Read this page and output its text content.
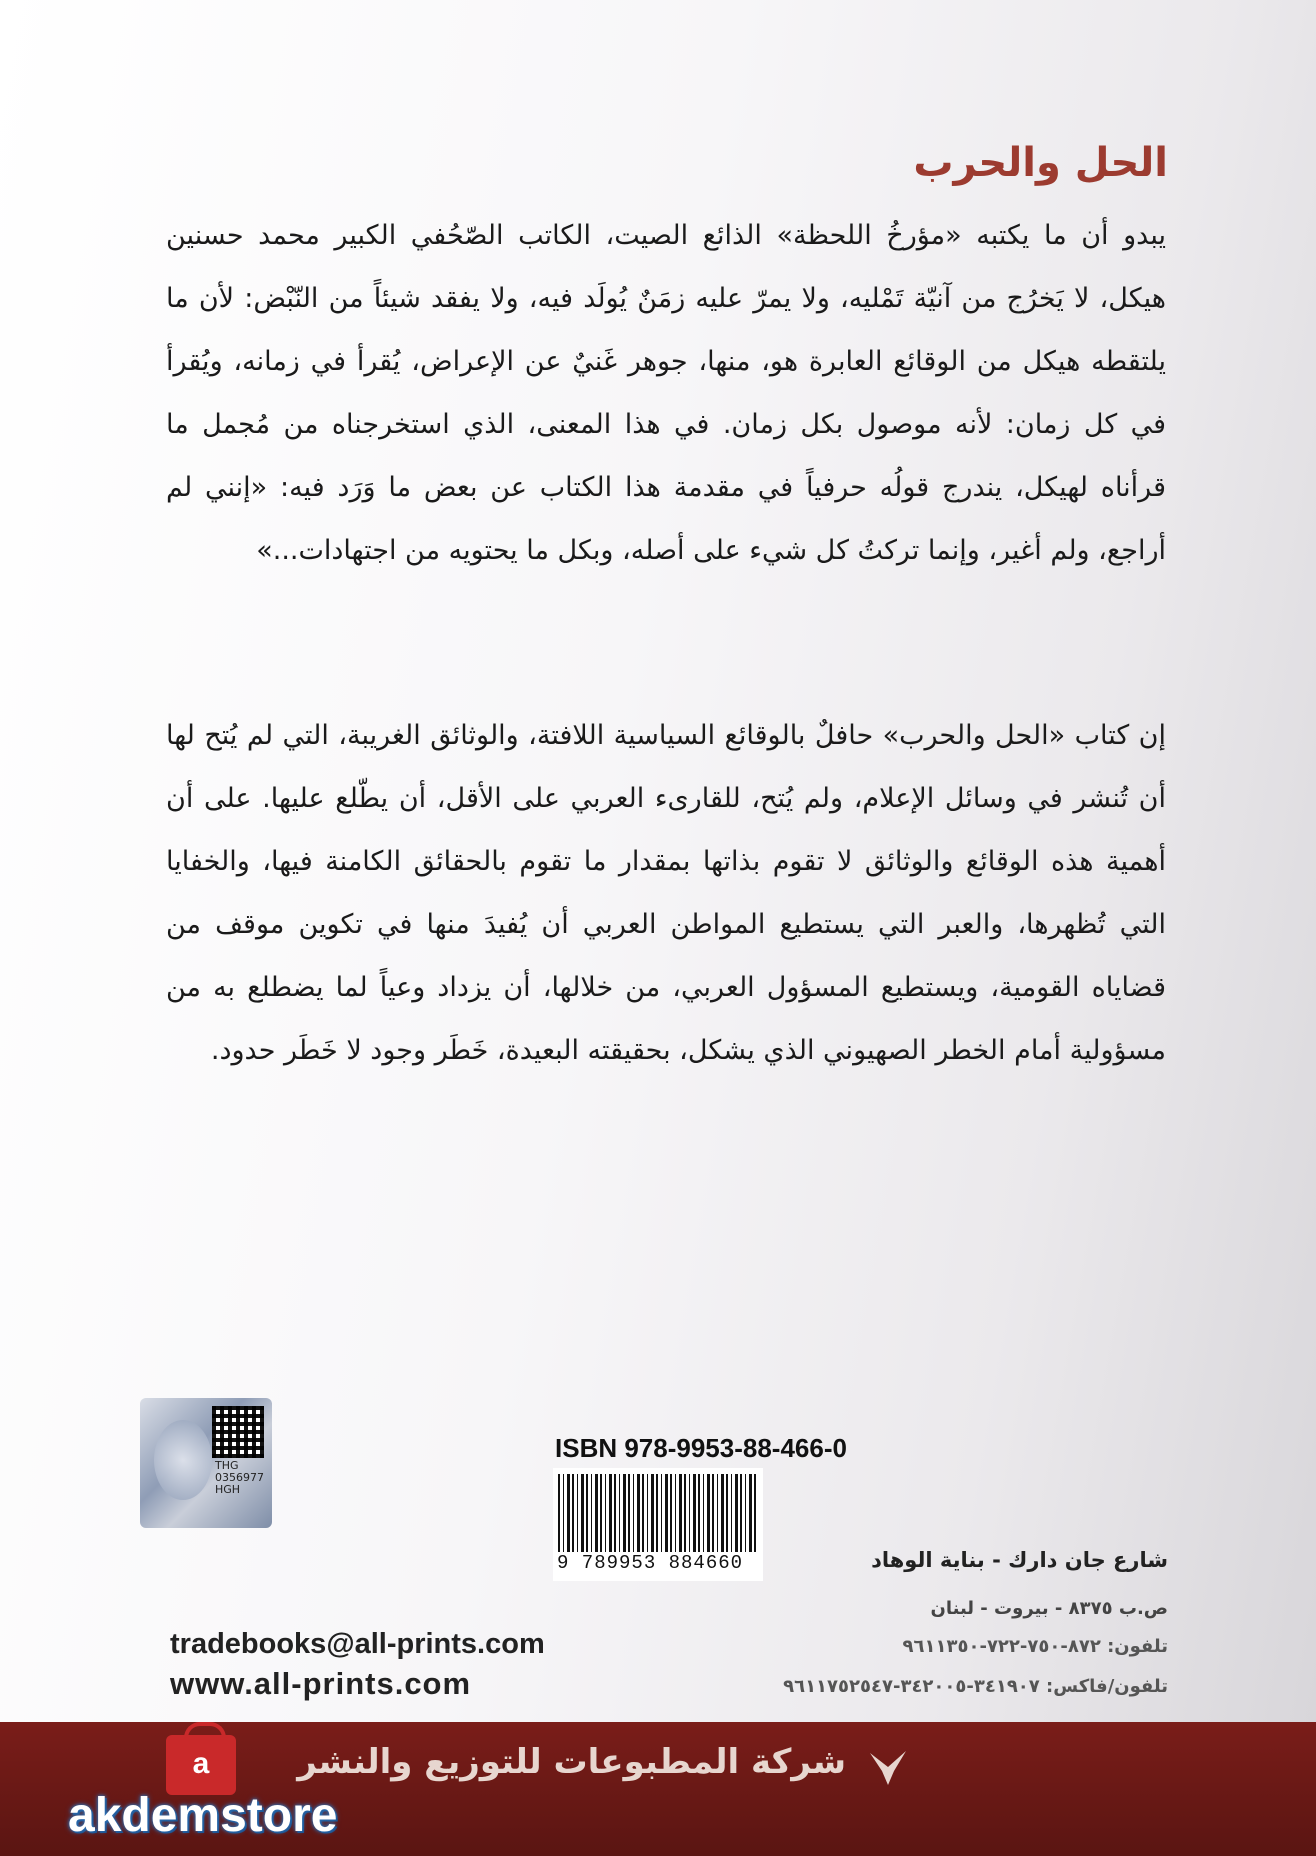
الحل والحرب
يبدو أن ما يكتبه «مؤرخُ اللحظة» الذائع الصيت، الكاتب الصّحُفي الكبير محمد حسنين هيكل، لا يَخرُج من آنيّة تَمْليه، ولا يمرّ عليه زمَنٌ يُولَد فيه، ولا يفقد شيئاً من النّبْض: لأن ما يلتقطه هيكل من الوقائع العابرة هو، منها، جوهر غَنيٌ عن الإعراض، يُقرأ في زمانه، ويُقرأ في كل زمان: لأنه موصول بكل زمان. في هذا المعنى، الذي استخرجناه من مُجمل ما قرأناه لهيكل، يندرج قولُه حرفياً في مقدمة هذا الكتاب عن بعض ما وَرَد فيه: «إنني لم أراجع، ولم أغير، وإنما تركتُ كل شيء على أصله، وبكل ما يحتويه من اجتهادات...»
إن كتاب «الحل والحرب» حافلٌ بالوقائع السياسية اللافتة، والوثائق الغريبة، التي لم يُتح لها أن تُنشر في وسائل الإعلام، ولم يُتح، للقارىء العربي على الأقل، أن يطّلع عليها. على أن أهمية هذه الوقائع والوثائق لا تقوم بذاتها بمقدار ما تقوم بالحقائق الكامنة فيها، والخفايا التي تُظهرها، والعبر التي يستطيع المواطن العربي أن يُفيدَ منها في تكوين موقف من قضاياه القومية، ويستطيع المسؤول العربي، من خلالها، أن يزداد وعياً لما يضطلع به من مسؤولية أمام الخطر الصهيوني الذي يشكل، بحقيقته البعيدة، خَطَر وجود لا خَطَر حدود.
THG
0356977
HGH
ISBN 978-9953-88-466-0
9 789953 884660	شارع جان دارك - بناية الوهاد
ص.ب ٨٣٧٥ - بيروت - لبنان
تلفون: ٨٧٢-٧٥٠-٧٢٢-٩٦١١٣٥٠
تلفون/فاكس: ٣٤١٩٠٧-٣٤٢٠٠٥-٩٦١١٧٥٢٥٤٧
tradebooks@all-prints.com
www.all-prints.com
شركة المطبوعات للتوزيع والنشر
a
akdemstore
